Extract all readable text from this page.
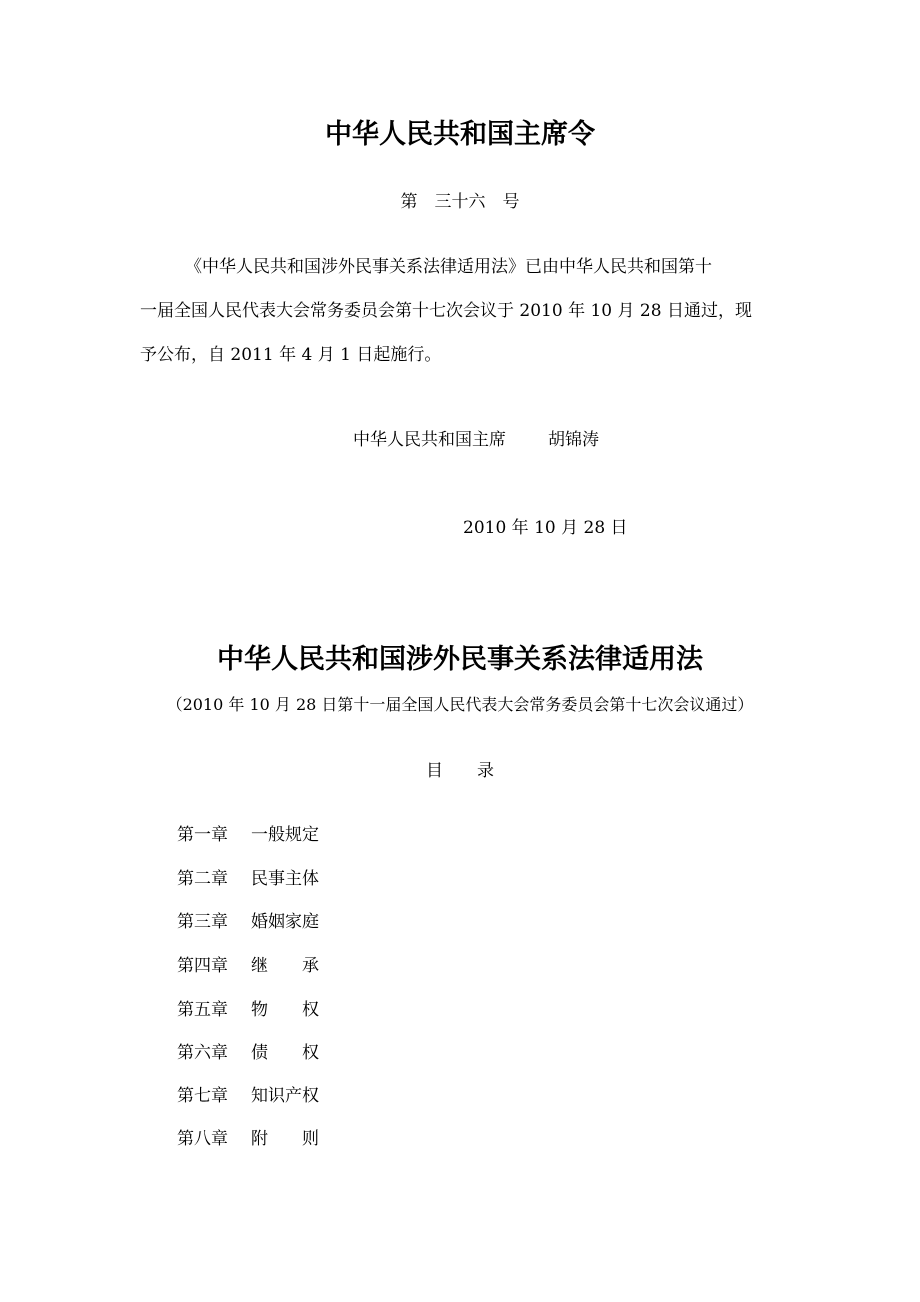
中华人民共和国主席令
第　三十六　号
《中华人民共和国涉外民事关系法律适用法》已由中华人民共和国第十
一届全国人民代表大会常务委员会第十七次会议于 2010 年 10 月 28 日通过，现
予公布，自 2011 年 4 月 1 日起施行。
中华人民共和国主席 胡锦涛
2010 年 10 月 28 日
中华人民共和国涉外民事关系法律适用法
（2010 年 10 月 28 日第十一届全国人民代表大会常务委员会第十七次会议通过）
目　　录
第一章 一般规定
第二章 民事主体
第三章 婚姻家庭
第四章 继　　承
第五章 物　　权
第六章 债　　权
第七章 知识产权
第八章 附　　则
